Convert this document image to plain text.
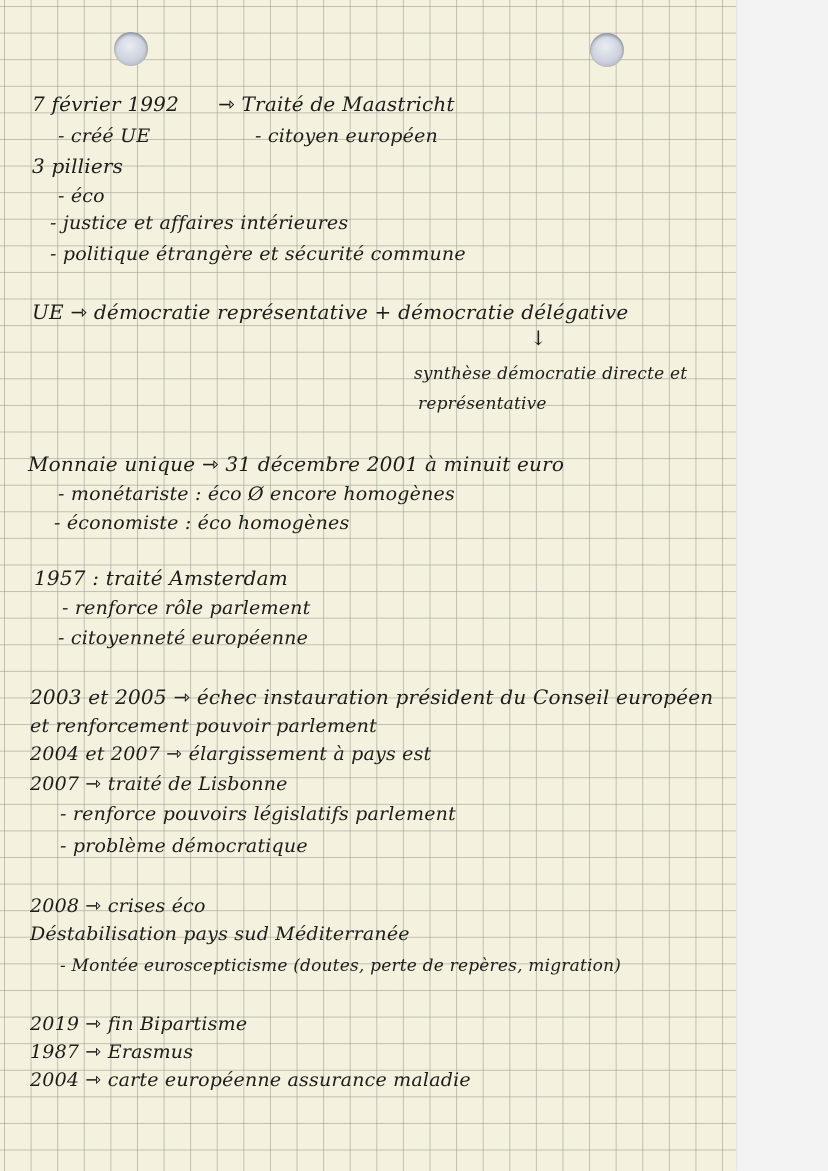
7 février 1992 ⇾ Traité de Maastricht
- créé UE	- citoyen européen
3 pilliers
- éco
- justice et affaires intérieures
- politique étrangère et sécurité commune
UE ⇾ démocratie représentative + démocratie délégative
↓
synthèse démocratie directe et
représentative
Monnaie unique ⇾ 31 décembre 2001 à minuit euro
- monétariste : éco Ø encore homogènes
- économiste : éco homogènes
1957 : traité Amsterdam
- renforce rôle parlement
- citoyenneté européenne
2003 et 2005 ⇾ échec instauration président du Conseil européen
et renforcement pouvoir parlement
2004 et 2007 ⇾ élargissement à pays est
2007 ⇾ traité de Lisbonne
- renforce pouvoirs législatifs parlement
- problème démocratique
2008 ⇾ crises éco
Déstabilisation pays sud Méditerranée
- Montée euroscepticisme (doutes, perte de repères, migration)
2019 ⇾ fin Bipartisme
1987 ⇾ Erasmus
2004 ⇾ carte européenne assurance maladie
